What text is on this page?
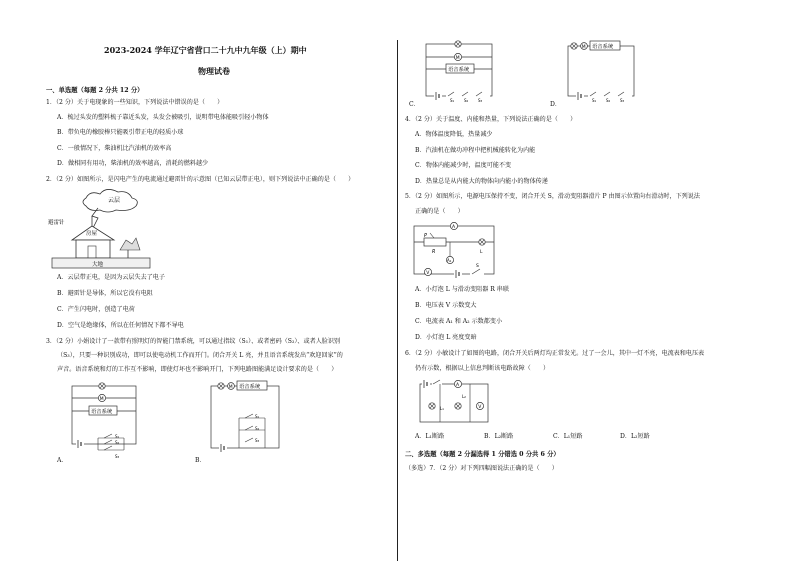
2023-2024 学年辽宁省营口二十九中九年级（上）期中
物理试卷
一、单选题（每题 2 分共 12 分）
1．（2 分）关于电现象的一些知识，下列说法中错误的是（　　）
A．梳过头发的塑料梳子靠近头发，头发会被吸引，说明带电体能吸引轻小物体
B．带负电的橡胶棒只能吸引带正电的轻质小球
C．一般情况下，柴油机比汽油机的效率高
D．做相同有用功，柴油机的效率越高，消耗的燃料越少
2．（2 分）如图所示，是闪电产生的电流通过避雷针的示意图（已知云层带正电），则下列说法中正确的是（　　）
云层
避雷针
房屋
大地
A．云层带正电，是因为云层失去了电子
B．避雷针是导体，所以它没有电阻
C．产生闪电时，创造了电荷
D．空气是绝缘体，所以在任何情况下都不导电
3．（2 分）小娟设计了一款带有照明灯的智能门禁系统，可以通过指纹（S₁）、或者密码（S₂）、或者人脸识别
（S₃），只要一种识别成功，即可以使电动机工作而开门。闭合开关 L 亮，并且语音系统发出“欢迎回家”的
声音。语音系统和灯的工作互不影响，即使灯坏也不影响开门，下列电路图能满足设计要求的是（　　）
M
语音系统
S₁
S₂
S₃
A．
M 语音系统
S₁
S₂
S₃
B．
M
语音系统
S₁ S₂ S₃
C．
M 语音系统
S₁ S₂ S₃
D．
4．（2 分）关于温度、内能和热量，下列说法正确的是（　　）
A．物体温度降低，热量减少
B．汽油机在做功冲程中把机械能转化为内能
C．物体内能减少时，温度可能不变
D．热量总是从内能大的物体向内能小的物体传递
5．（2 分）如图所示，电源电压保持不变，闭合开关 S，滑动变阻器滑片 P 由图示位置向右滑动时，下列说法
正确的是（　　）
A
P
R	L
A₁
V
S
A．小灯泡 L 与滑动变阻器 R 串联
B．电压表 V 示数变大
C．电流表 A₁ 和 A₂ 示数都变小
D．小灯泡 L 亮度变暗
6．（2 分）小敏设计了如图的电路，闭合开关后两灯均正常发光。过了一会儿，其中一灯不亮，电流表和电压表
仍有示数，根据以上信息判断该电路故障（　　）
A
L₁
L₂
V
A．L₁断路	B．L₂断路	C．L₁短路	D．L₂短路
二、多选题（每题 2 分漏选得 1 分错选 0 分共 6 分）
（多选）7．（2 分）对下列四幅图说法正确的是（　　）
